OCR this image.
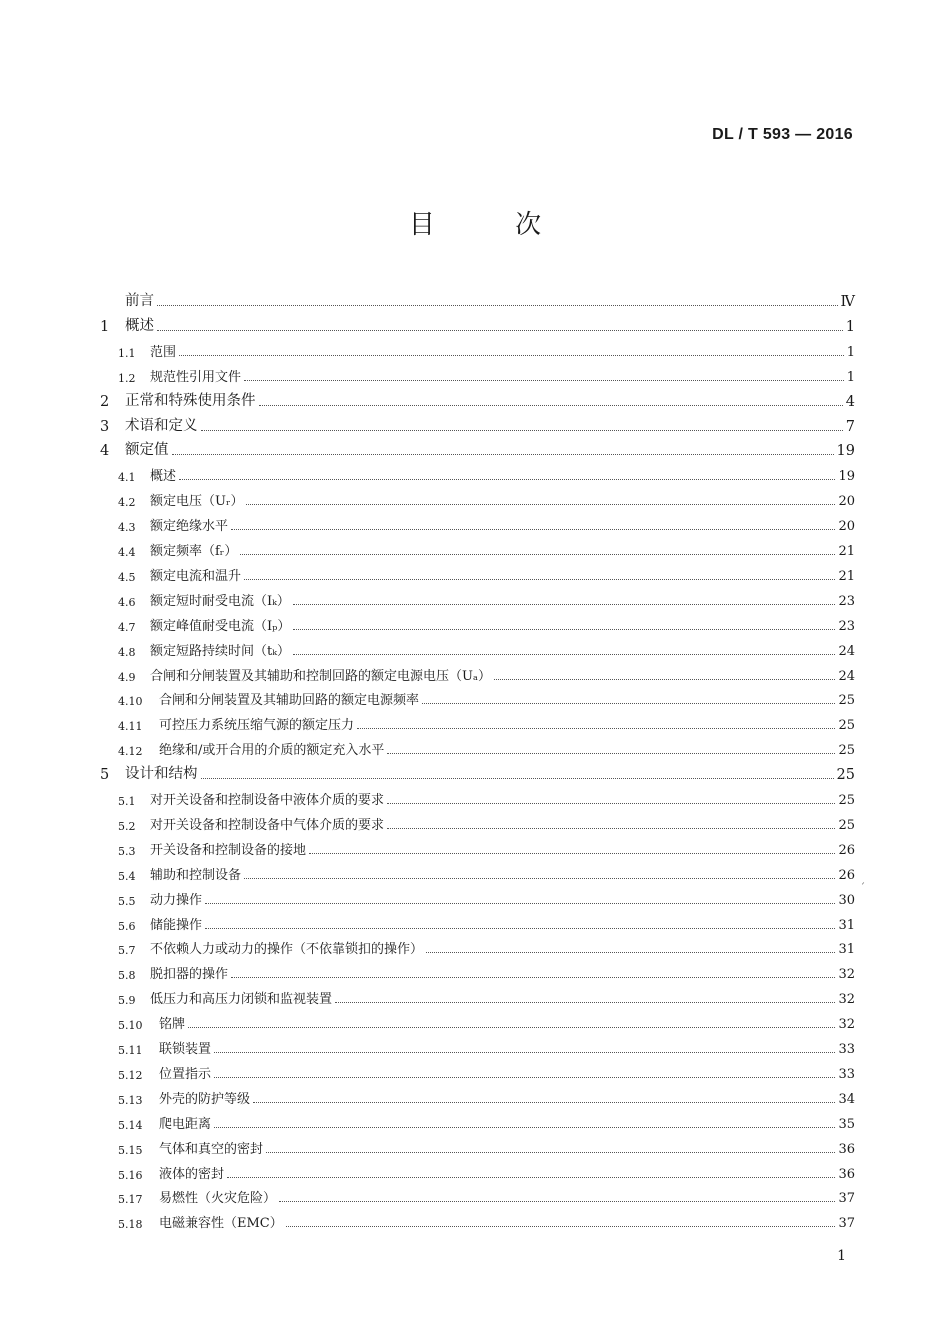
DL / T 593 — 2016
目 次
前言	Ⅳ
1	概述	1
1.1	范围	1
1.2	规范性引用文件	1
2	正常和特殊使用条件	4
3	术语和定义	7
4	额定值	19
4.1	概述	19
4.2	额定电压（Uᵣ）	20
4.3	额定绝缘水平	20
4.4	额定频率（fᵣ）	21
4.5	额定电流和温升	21
4.6	额定短时耐受电流（Iₖ）	23
4.7	额定峰值耐受电流（Iₚ）	23
4.8	额定短路持续时间（tₖ）	24
4.9	合闸和分闸装置及其辅助和控制回路的额定电源电压（Uₐ）	24
4.10	合闸和分闸装置及其辅助回路的额定电源频率	25
4.11	可控压力系统压缩气源的额定压力	25
4.12	绝缘和/或开合用的介质的额定充入水平	25
5	设计和结构	25
5.1	对开关设备和控制设备中液体介质的要求	25
5.2	对开关设备和控制设备中气体介质的要求	25
5.3	开关设备和控制设备的接地	26
5.4	辅助和控制设备	26
5.5	动力操作	30
5.6	储能操作	31
5.7	不依赖人力或动力的操作（不依靠锁扣的操作）	31
5.8	脱扣器的操作	32
5.9	低压力和高压力闭锁和监视装置	32
5.10	铭牌	32
5.11	联锁装置	33
5.12	位置指示	33
5.13	外壳的防护等级	34
5.14	爬电距离	35
5.15	气体和真空的密封	36
5.16	液体的密封	36
5.17	易燃性（火灾危险）	37
5.18	电磁兼容性（EMC）	37
ˊ
1
